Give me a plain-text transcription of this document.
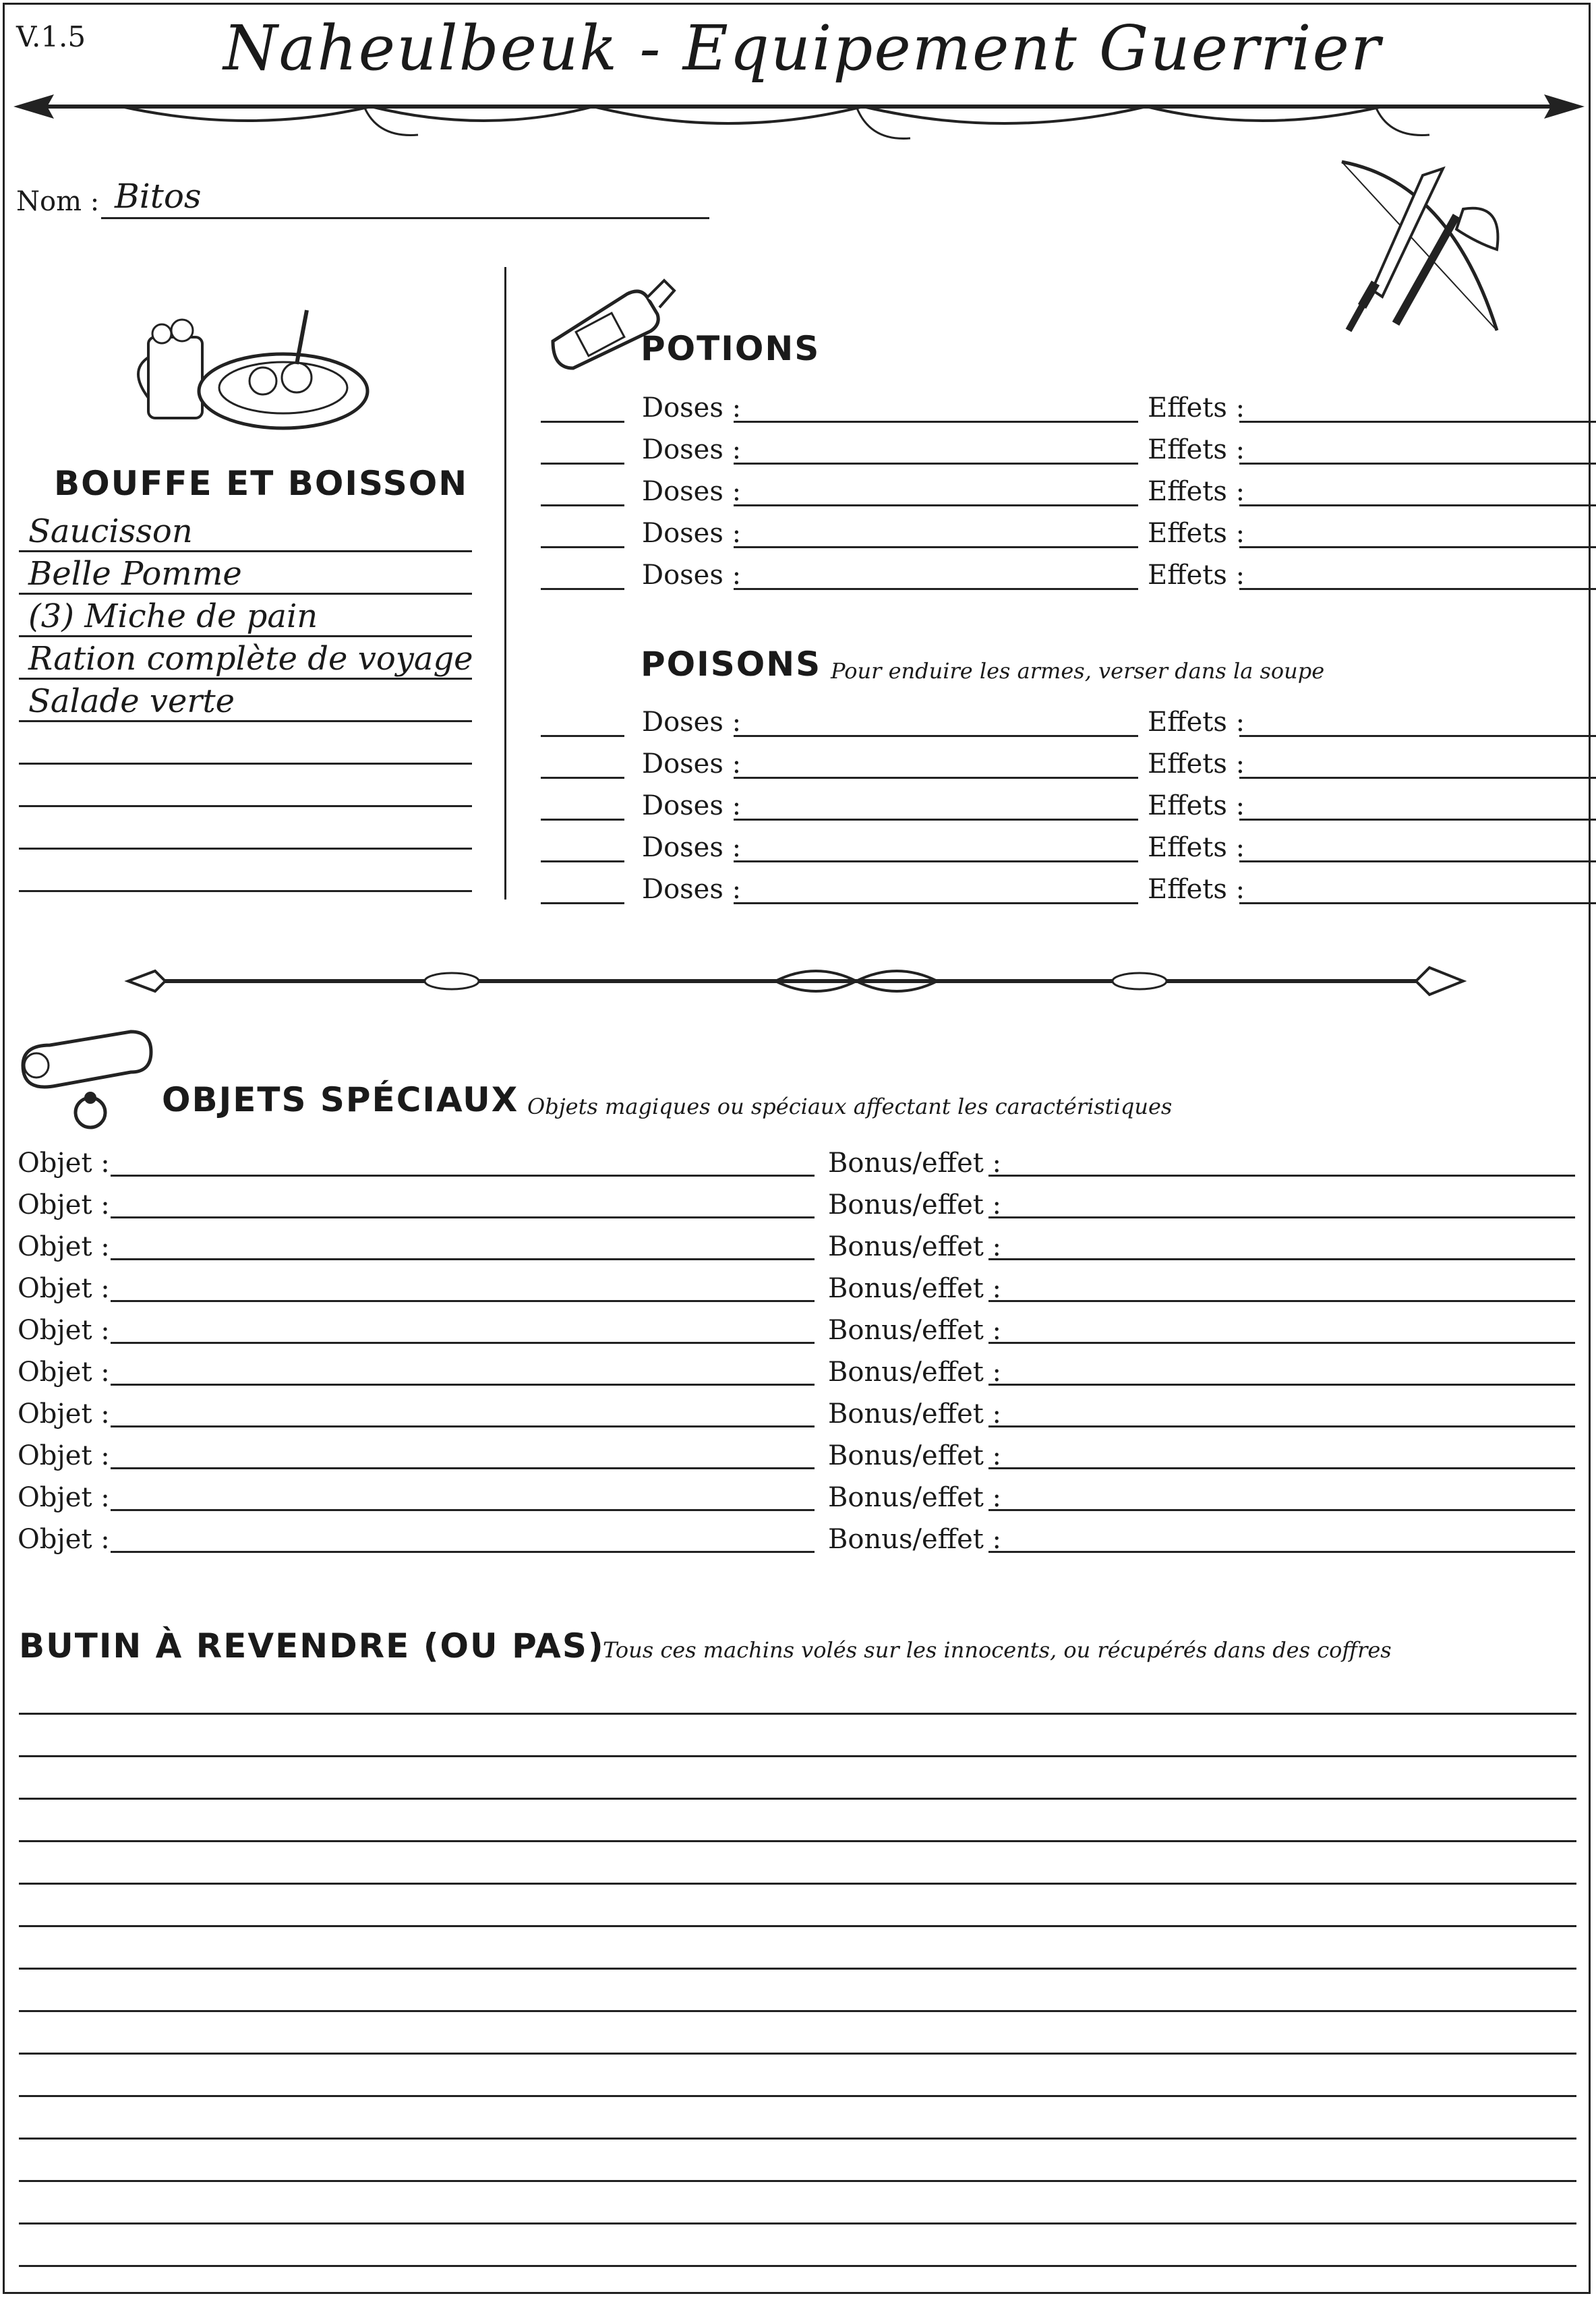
V.1.5	Naheulbeuk - Equipement Guerrier
Nom : Bitos
BOUFFE ET BOISSON
Saucisson
Belle Pomme
(3) Miche de pain
Ration complète de voyage
Salade verte
POTIONS
Doses :	Effets :
Doses :	Effets :
Doses :	Effets :
Doses :	Effets :
Doses :	Effets :
POISONS Pour enduire les armes, verser dans la soupe
Doses :	Effets :
Doses :	Effets :
Doses :	Effets :
Doses :	Effets :
Doses :	Effets :
OBJETS SPÉCIAUX Objets magiques ou spéciaux affectant les caractéristiques
Objet :	Bonus/effet :
Objet :	Bonus/effet :
Objet :	Bonus/effet :
Objet :	Bonus/effet :
Objet :	Bonus/effet :
Objet :	Bonus/effet :
Objet :	Bonus/effet :
Objet :	Bonus/effet :
Objet :	Bonus/effet :
Objet :	Bonus/effet :
BUTIN À REVENDRE (OU PAS)
Tous ces machins volés sur les innocents, ou récupérés dans des coffres
